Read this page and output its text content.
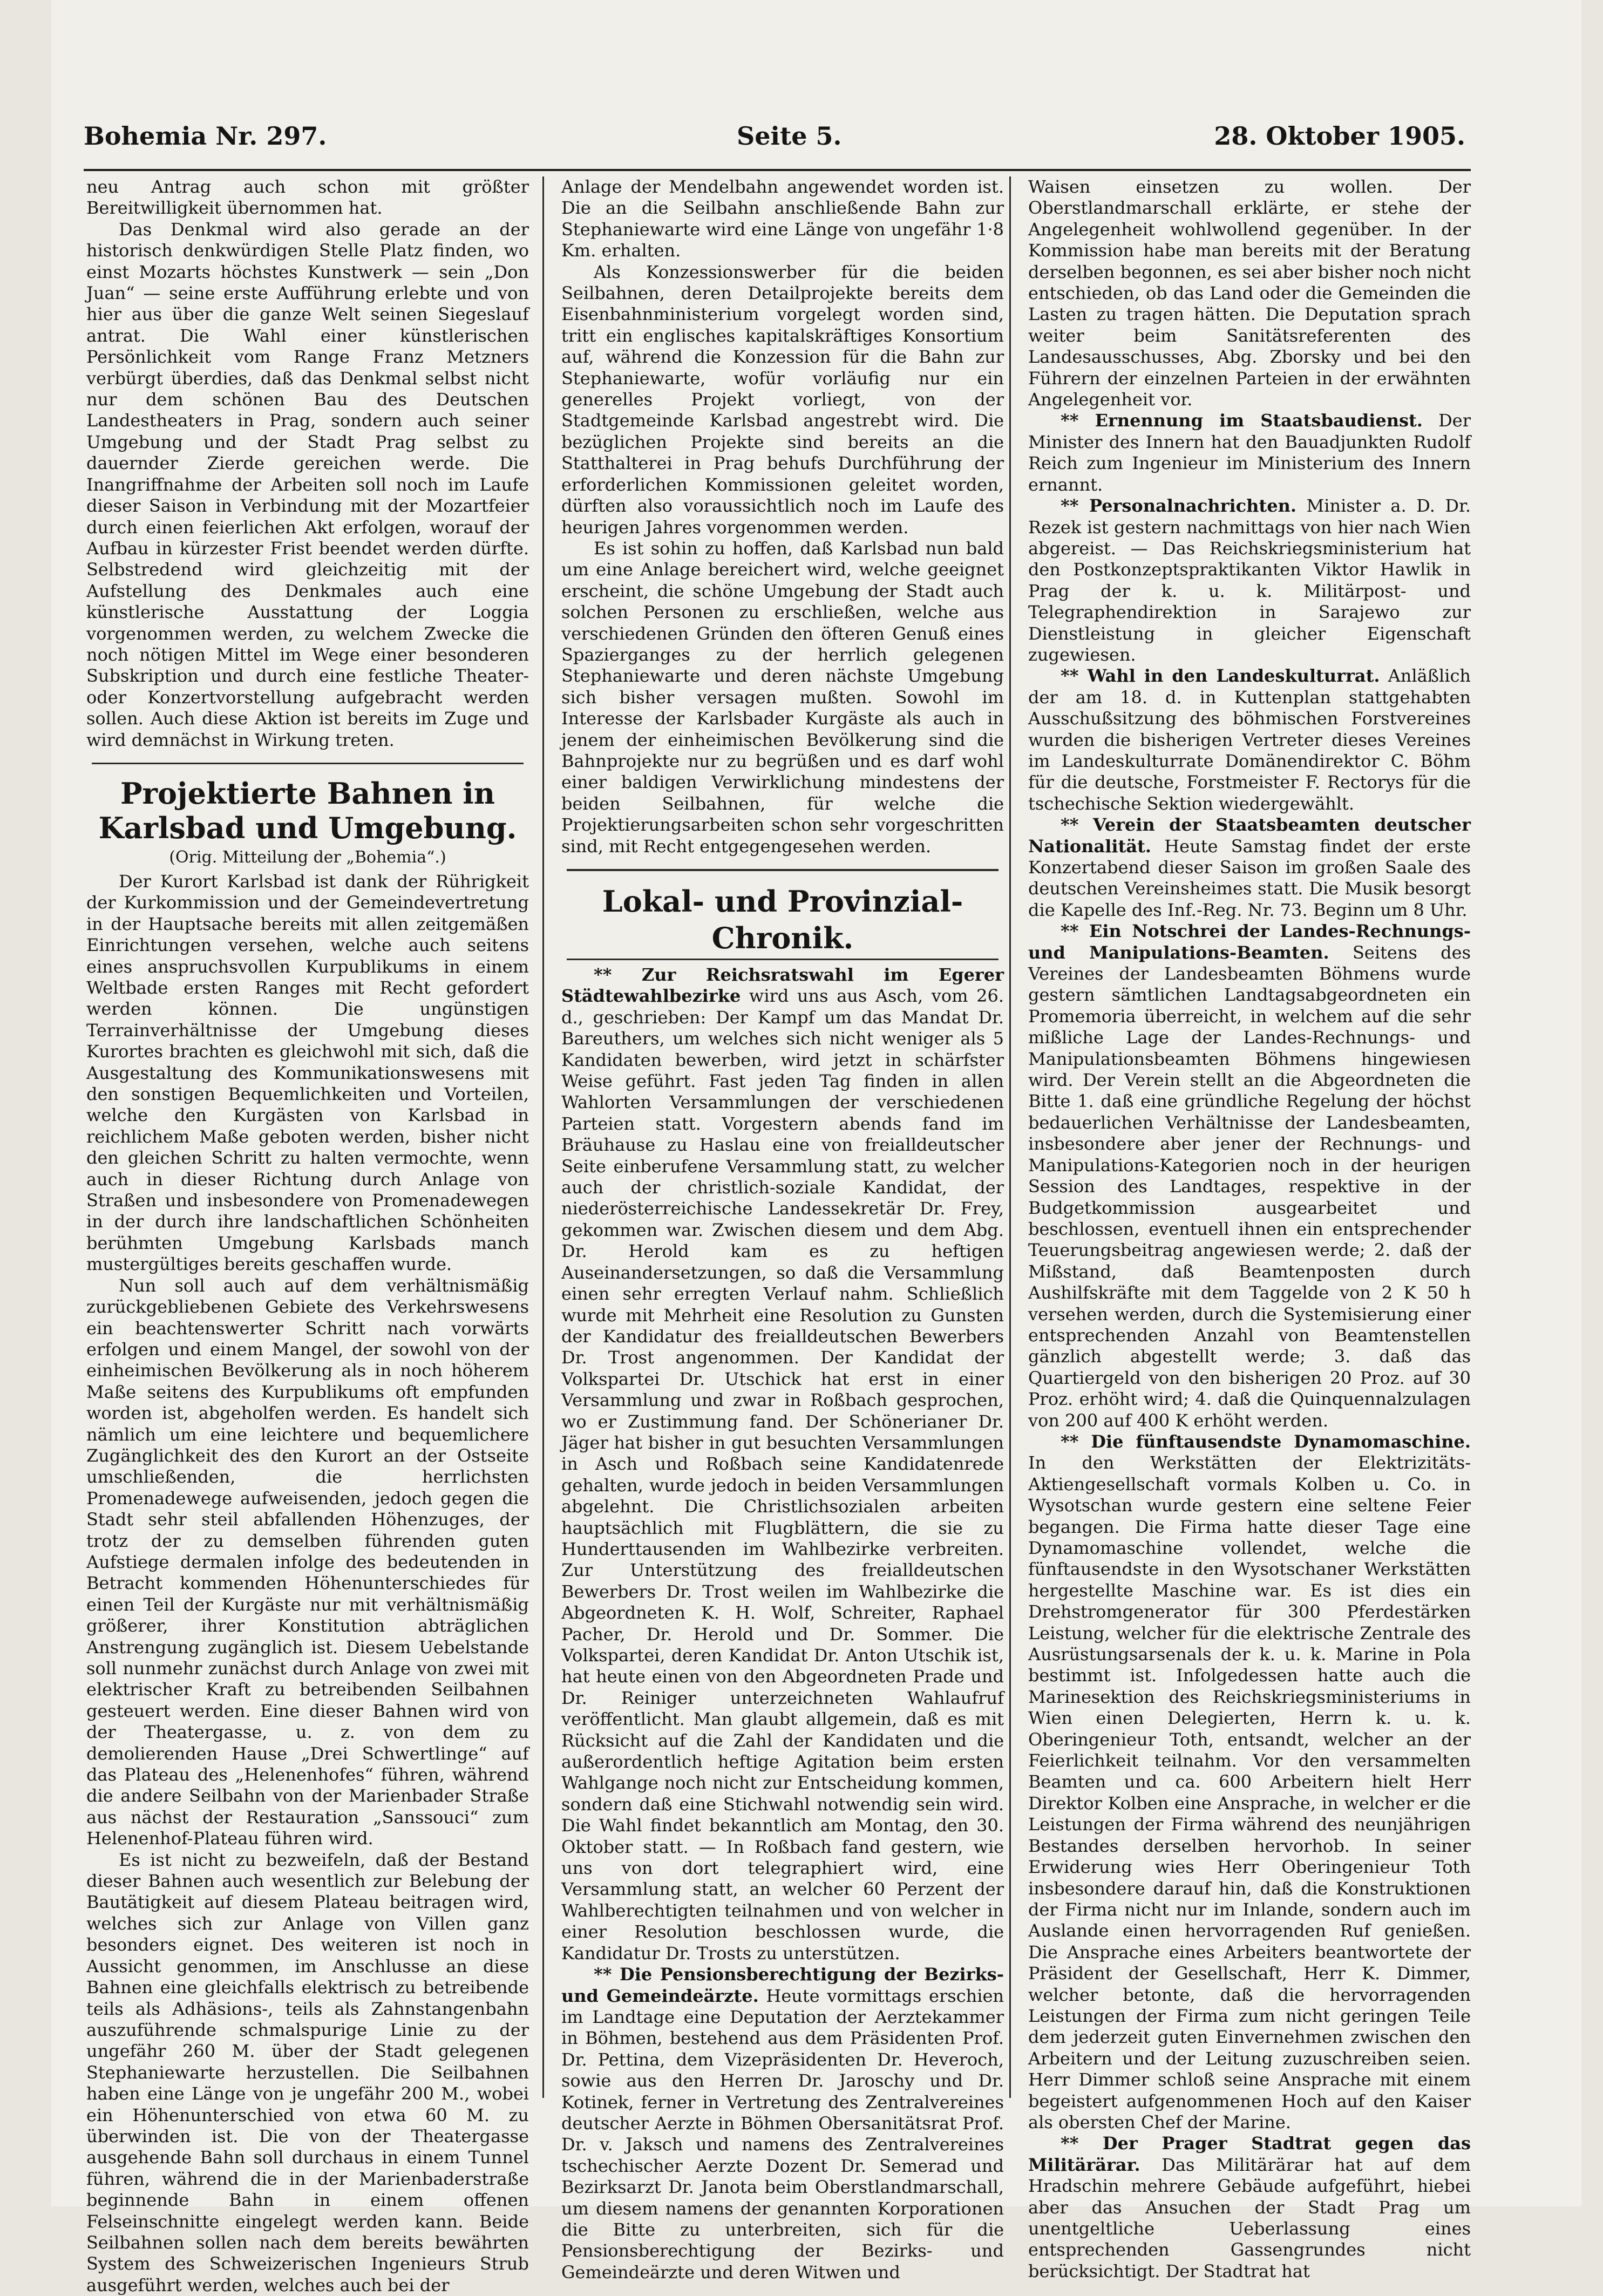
Bohemia Nr. 297.	Seite 5.	28. Oktober 1905.

neu Antrag auch schon mit größter Bereitwilligkeit übernommen hat.

Das Denkmal wird also gerade an der historisch denkwürdigen Stelle Platz finden, wo einst Mozarts höchstes Kunstwerk — sein „Don Juan“ — seine erste Aufführung erlebte und von hier aus über die ganze Welt seinen Siegeslauf antrat. Die Wahl einer künstlerischen Persönlichkeit vom Range Franz Metzners verbürgt überdies, daß das Denkmal selbst nicht nur dem schönen Bau des Deutschen Landestheaters in Prag, sondern auch seiner Umgebung und der Stadt Prag selbst zu dauernder Zierde gereichen werde. Die Inangriffnahme der Arbeiten soll noch im Laufe dieser Saison in Verbindung mit der Mozartfeier durch einen feierlichen Akt erfolgen, worauf der Aufbau in kürzester Frist beendet werden dürfte. Selbstredend wird gleichzeitig mit der Aufstellung des Denkmales auch eine künstlerische Ausstattung der Loggia vorgenommen werden, zu welchem Zwecke die noch nötigen Mittel im Wege einer besonderen Subskription und durch eine festliche Theater- oder Konzertvorstellung aufgebracht werden sollen. Auch diese Aktion ist bereits im Zuge und wird demnächst in Wirkung treten.

Projektierte Bahnen in Karlsbad und Umgebung.
(Orig. Mitteilung der „Bohemia“.)

Der Kurort Karlsbad ist dank der Rührigkeit der Kurkommission und der Gemeindevertretung in der Hauptsache bereits mit allen zeitgemäßen Einrichtungen versehen, welche auch seitens eines anspruchsvollen Kurpublikums in einem Weltbade ersten Ranges mit Recht gefordert werden können. Die ungünstigen Terrainverhältnisse der Umgebung dieses Kurortes brachten es gleichwohl mit sich, daß die Ausgestaltung des Kommunikationswesens mit den sonstigen Bequemlichkeiten und Vorteilen, welche den Kurgästen von Karlsbad in reichlichem Maße geboten werden, bisher nicht den gleichen Schritt zu halten vermochte, wenn auch in dieser Richtung durch Anlage von Straßen und insbesondere von Promenadewegen in der durch ihre landschaftlichen Schönheiten berühmten Umgebung Karlsbads manch mustergültiges bereits geschaffen wurde.

Nun soll auch auf dem verhältnismäßig zurückgebliebenen Gebiete des Verkehrswesens ein beachtenswerter Schritt nach vorwärts erfolgen und einem Mangel, der sowohl von der einheimischen Bevölkerung als in noch höherem Maße seitens des Kurpublikums oft empfunden worden ist, abgeholfen werden. Es handelt sich nämlich um eine leichtere und bequemlichere Zugänglichkeit des den Kurort an der Ostseite umschließenden, die herrlichsten Promenadewege aufweisenden, jedoch gegen die Stadt sehr steil abfallenden Höhenzuges, der trotz der zu demselben führenden guten Aufstiege dermalen infolge des bedeutenden in Betracht kommenden Höhenunterschiedes für einen Teil der Kurgäste nur mit verhältnismäßig größerer, ihrer Konstitution abträglichen Anstrengung zugänglich ist. Diesem Uebelstande soll nunmehr zunächst durch Anlage von zwei mit elektrischer Kraft zu betreibenden Seilbahnen gesteuert werden. Eine dieser Bahnen wird von der Theatergasse, u. z. von dem zu demolierenden Hause „Drei Schwertlinge“ auf das Plateau des „Helenenhofes“ führen, während die andere Seilbahn von der Marienbader Straße aus nächst der Restauration „Sanssouci“ zum Helenenhof-Plateau führen wird.

Es ist nicht zu bezweifeln, daß der Bestand dieser Bahnen auch wesentlich zur Belebung der Bautätigkeit auf diesem Plateau beitragen wird, welches sich zur Anlage von Villen ganz besonders eignet. Des weiteren ist noch in Aussicht genommen, im Anschlusse an diese Bahnen eine gleichfalls elektrisch zu betreibende teils als Adhäsions-, teils als Zahnstangenbahn auszuführende schmalspurige Linie zu der ungefähr 260 M. über der Stadt gelegenen Stephaniewarte herzustellen. Die Seilbahnen haben eine Länge von je ungefähr 200 M., wobei ein Höhenunterschied von etwa 60 M. zu überwinden ist. Die von der Theatergasse ausgehende Bahn soll durchaus in einem Tunnel führen, während die in der Marienbaderstraße beginnende Bahn in einem offenen Felseinschnitte eingelegt werden kann. Beide Seilbahnen sollen nach dem bereits bewährten System des Schweizerischen Ingenieurs Strub ausgeführt werden, welches auch bei der

Anlage der Mendelbahn angewendet worden ist. Die an die Seilbahn anschließende Bahn zur Stephaniewarte wird eine Länge von ungefähr 1·8 Km. erhalten.

Als Konzessionswerber für die beiden Seilbahnen, deren Detailprojekte bereits dem Eisenbahnministerium vorgelegt worden sind, tritt ein englisches kapitalskräftiges Konsortium auf, während die Konzession für die Bahn zur Stephaniewarte, wofür vorläufig nur ein generelles Projekt vorliegt, von der Stadtgemeinde Karlsbad angestrebt wird. Die bezüglichen Projekte sind bereits an die Statthalterei in Prag behufs Durchführung der erforderlichen Kommissionen geleitet worden, dürften also voraussichtlich noch im Laufe des heurigen Jahres vorgenommen werden.

Es ist sohin zu hoffen, daß Karlsbad nun bald um eine Anlage bereichert wird, welche geeignet erscheint, die schöne Umgebung der Stadt auch solchen Personen zu erschließen, welche aus verschiedenen Gründen den öfteren Genuß eines Spazierganges zu der herrlich gelegenen Stephaniewarte und deren nächste Umgebung sich bisher versagen mußten. Sowohl im Interesse der Karlsbader Kurgäste als auch in jenem der einheimischen Bevölkerung sind die Bahnprojekte nur zu begrüßen und es darf wohl einer baldigen Verwirklichung mindestens der beiden Seilbahnen, für welche die Projektierungsarbeiten schon sehr vorgeschritten sind, mit Recht entgegengesehen werden.

Lokal- und Provinzial-Chronik.

** Zur Reichsratswahl im Egerer Städtewahlbezirke wird uns aus Asch, vom 26. d., geschrieben: Der Kampf um das Mandat Dr. Bareuthers, um welches sich nicht weniger als 5 Kandidaten bewerben, wird jetzt in schärfster Weise geführt. Fast jeden Tag finden in allen Wahlorten Versammlungen der verschiedenen Parteien statt. Vorgestern abends fand im Bräuhause zu Haslau eine von freialldeutscher Seite einberufene Versammlung statt, zu welcher auch der christlich-soziale Kandidat, der niederösterreichische Landessekretär Dr. Frey, gekommen war. Zwischen diesem und dem Abg. Dr. Herold kam es zu heftigen Auseinandersetzungen, so daß die Versammlung einen sehr erregten Verlauf nahm. Schließlich wurde mit Mehrheit eine Resolution zu Gunsten der Kandidatur des freialldeutschen Bewerbers Dr. Trost angenommen. Der Kandidat der Volkspartei Dr. Utschick hat erst in einer Versammlung und zwar in Roßbach gesprochen, wo er Zustimmung fand. Der Schönerianer Dr. Jäger hat bisher in gut besuchten Versammlungen in Asch und Roßbach seine Kandidatenrede gehalten, wurde jedoch in beiden Versammlungen abgelehnt. Die Christlichsozialen arbeiten hauptsächlich mit Flugblättern, die sie zu Hunderttausenden im Wahlbezirke verbreiten. Zur Unterstützung des freialldeutschen Bewerbers Dr. Trost weilen im Wahlbezirke die Abgeordneten K. H. Wolf, Schreiter, Raphael Pacher, Dr. Herold und Dr. Sommer. Die Volkspartei, deren Kandidat Dr. Anton Utschik ist, hat heute einen von den Abgeordneten Prade und Dr. Reiniger unterzeichneten Wahlaufruf veröffentlicht. Man glaubt allgemein, daß es mit Rücksicht auf die Zahl der Kandidaten und die außerordentlich heftige Agitation beim ersten Wahlgange noch nicht zur Entscheidung kommen, sondern daß eine Stichwahl notwendig sein wird. Die Wahl findet bekanntlich am Montag, den 30. Oktober statt. — In Roßbach fand gestern, wie uns von dort telegraphiert wird, eine Versammlung statt, an welcher 60 Perzent der Wahlberechtigten teilnahmen und von welcher in einer Resolution beschlossen wurde, die Kandidatur Dr. Trosts zu unterstützen.

** Die Pensionsberechtigung der Bezirks- und Gemeindeärzte. Heute vormittags erschien im Landtage eine Deputation der Aerztekammer in Böhmen, bestehend aus dem Präsidenten Prof. Dr. Pettina, dem Vizepräsidenten Dr. Heveroch, sowie aus den Herren Dr. Jaroschy und Dr. Kotinek, ferner in Vertretung des Zentralvereines deutscher Aerzte in Böhmen Obersanitätsrat Prof. Dr. v. Jaksch und namens des Zentralvereines tschechischer Aerzte Dozent Dr. Semerad und Bezirksarzt Dr. Janota beim Oberstlandmarschall, um diesem namens der genannten Korporationen die Bitte zu unterbreiten, sich für die Pensionsberechtigung der Bezirks- und Gemeindeärzte und deren Witwen und

Waisen einsetzen zu wollen. Der Oberstlandmarschall erklärte, er stehe der Angelegenheit wohlwollend gegenüber. In der Kommission habe man bereits mit der Beratung derselben begonnen, es sei aber bisher noch nicht entschieden, ob das Land oder die Gemeinden die Lasten zu tragen hätten. Die Deputation sprach weiter beim Sanitätsreferenten des Landesausschusses, Abg. Zborsky und bei den Führern der einzelnen Parteien in der erwähnten Angelegenheit vor.

** Ernennung im Staatsbaudienst. Der Minister des Innern hat den Bauadjunkten Rudolf Reich zum Ingenieur im Ministerium des Innern ernannt.

** Personalnachrichten. Minister a. D. Dr. Rezek ist gestern nachmittags von hier nach Wien abgereist. — Das Reichskriegsministerium hat den Postkonzeptspraktikanten Viktor Hawlik in Prag der k. u. k. Militärpost- und Telegraphendirektion in Sarajewo zur Dienstleistung in gleicher Eigenschaft zugewiesen.

** Wahl in den Landeskulturrat. Anläßlich der am 18. d. in Kuttenplan stattgehabten Ausschußsitzung des böhmischen Forstvereines wurden die bisherigen Vertreter dieses Vereines im Landeskulturrate Domänendirektor C. Böhm für die deutsche, Forstmeister F. Rectorys für die tschechische Sektion wiedergewählt.

** Verein der Staatsbeamten deutscher Nationalität. Heute Samstag findet der erste Konzertabend dieser Saison im großen Saale des deutschen Vereinsheimes statt. Die Musik besorgt die Kapelle des Inf.-Reg. Nr. 73. Beginn um 8 Uhr.

** Ein Notschrei der Landes-Rechnungs- und Manipulations-Beamten. Seitens des Vereines der Landesbeamten Böhmens wurde gestern sämtlichen Landtagsabgeordneten ein Promemoria überreicht, in welchem auf die sehr mißliche Lage der Landes-Rechnungs- und Manipulationsbeamten Böhmens hingewiesen wird. Der Verein stellt an die Abgeordneten die Bitte 1. daß eine gründliche Regelung der höchst bedauerlichen Verhältnisse der Landesbeamten, insbesondere aber jener der Rechnungs- und Manipulations-Kategorien noch in der heurigen Session des Landtages, respektive in der Budgetkommission ausgearbeitet und beschlossen, eventuell ihnen ein entsprechender Teuerungsbeitrag angewiesen werde; 2. daß der Mißstand, daß Beamtenposten durch Aushilfskräfte mit dem Taggelde von 2 K 50 h versehen werden, durch die Systemisierung einer entsprechenden Anzahl von Beamtenstellen gänzlich abgestellt werde; 3. daß das Quartiergeld von den bisherigen 20 Proz. auf 30 Proz. erhöht wird; 4. daß die Quinquennalzulagen von 200 auf 400 K erhöht werden.

** Die fünftausendste Dynamomaschine. In den Werkstätten der Elektrizitäts-Aktiengesellschaft vormals Kolben u. Co. in Wysotschan wurde gestern eine seltene Feier begangen. Die Firma hatte dieser Tage eine Dynamomaschine vollendet, welche die fünftausendste in den Wysotschaner Werkstätten hergestellte Maschine war. Es ist dies ein Drehstromgenerator für 300 Pferdestärken Leistung, welcher für die elektrische Zentrale des Ausrüstungsarsenals der k. u. k. Marine in Pola bestimmt ist. Infolgedessen hatte auch die Marinesektion des Reichskriegsministeriums in Wien einen Delegierten, Herrn k. u. k. Oberingenieur Toth, entsandt, welcher an der Feierlichkeit teilnahm. Vor den versammelten Beamten und ca. 600 Arbeitern hielt Herr Direktor Kolben eine Ansprache, in welcher er die Leistungen der Firma während des neunjährigen Bestandes derselben hervorhob. In seiner Erwiderung wies Herr Oberingenieur Toth insbesondere darauf hin, daß die Konstruktionen der Firma nicht nur im Inlande, sondern auch im Auslande einen hervorragenden Ruf genießen. Die Ansprache eines Arbeiters beantwortete der Präsident der Gesellschaft, Herr K. Dimmer, welcher betonte, daß die hervorragenden Leistungen der Firma zum nicht geringen Teile dem jederzeit guten Einvernehmen zwischen den Arbeitern und der Leitung zuzuschreiben seien. Herr Dimmer schloß seine Ansprache mit einem begeistert aufgenommenen Hoch auf den Kaiser als obersten Chef der Marine.

** Der Prager Stadtrat gegen das Militärärar. Das Militärärar hat auf dem Hradschin mehrere Gebäude aufgeführt, hiebei aber das Ansuchen der Stadt Prag um unentgeltliche Ueberlassung eines entsprechenden Gassengrundes nicht berücksichtigt. Der Stadtrat hat
